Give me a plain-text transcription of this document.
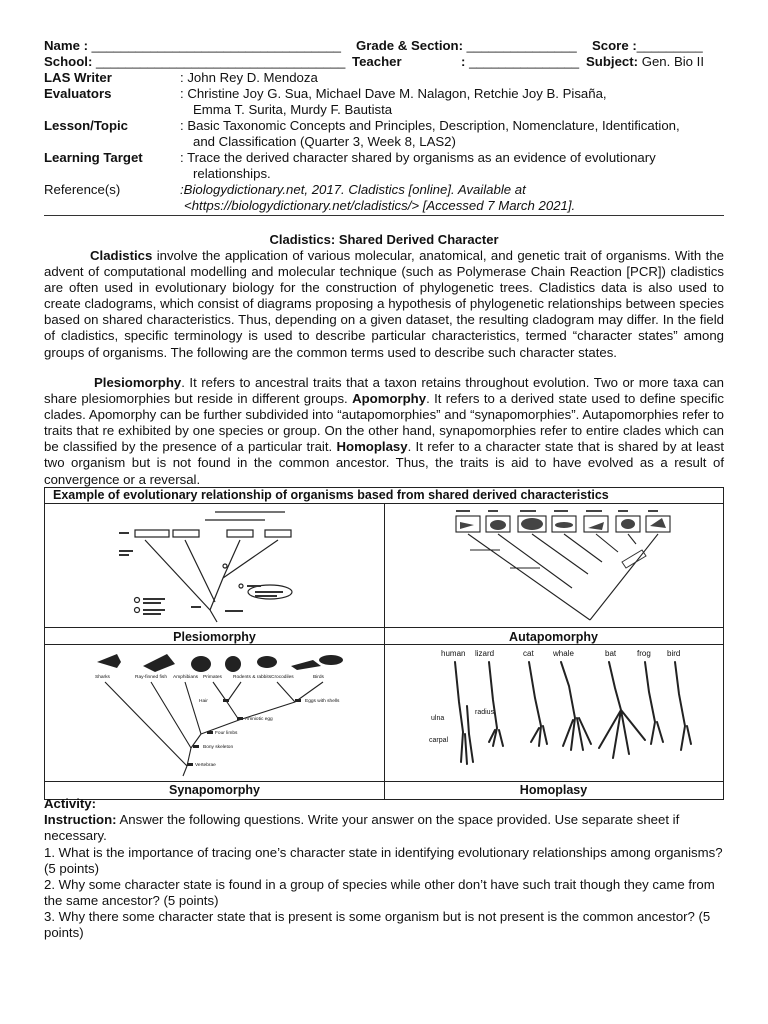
Name : __________________________________ Grade & Section: _______________ Score :_________
School: __________________________________ Teacher	: _______________ Subject: Gen. Bio II
LAS Writer	: John Rey D. Mendoza
Evaluators	: Christine Joy G. Sua, Michael Dave M. Nalagon, Retchie Joy B. Pisaña,
Emma T. Surita, Murdy F. Bautista
Lesson/Topic	: Basic Taxonomic Concepts and Principles, Description, Nomenclature, Identification,
and Classification (Quarter 3, Week 8, LAS2)
Learning Target	: Trace the derived character shared by organisms as an evidence of evolutionary
relationships.
Reference(s)	:Biologydictionary.net, 2017. Cladistics [online]. Available at
<https://biologydictionary.net/cladistics/> [Accessed 7 March 2021].
Cladistics: Shared Derived Character
Cladistics involve the application of various molecular, anatomical, and genetic trait of organisms. With the advent of computational modelling and molecular technique (such as Polymerase Chain Reaction [PCR]) cladistics are often used in evolutionary biology for the construction of phylogenetic trees. Cladistics data is also used to create cladograms, which consist of diagrams proposing a hypothesis of phylogenetic relationships between species based on shared characteristics. Thus, depending on a given dataset, the resulting cladogram may differ. In the field of cladistics, specific terminology is used to describe particular characteristics, termed “character states” among groups of organisms. The following are the common terms used to describe such character states.
Plesiomorphy. It refers to ancestral traits that a taxon retains throughout evolution. Two or more taxa can share plesiomorphies but reside in different groups. Apomorphy. It refers to a derived state used to define specific clades. Apomorphy can be further subdivided into “autapomorphies” and “synapomorphies”. Autapomorphies refer to traits that re exhibited by one species or group. On the other hand, synapomorphies refer to entire clades which can be classified by the presence of a particular trait. Homoplasy. It refer to a character state that is shared by at least two organism but is not found in the common ancestor. Thus, the traits is aid to have evolved as a result of convergence or a reversal.
Example of evolutionary relationship of organisms based from shared derived characteristics
Plesiomorphy	Autapomorphy
Synapomorphy	Homoplasy
Sharks	Ray-finned fish Amphibians Primates Rodents & rabbits Crocodiles	Birds
Hair	Eggs with shells
Amniotic egg
Four limbs
Bony skeleton
Vertebrae
human lizard	cat whale	bat	frog bird
ulna
carpal
radius
Activity:
Instruction: Answer the following questions. Write your answer on the space provided. Use separate sheet if necessary.
1. What is the importance of tracing one’s character state in identifying evolutionary relationships among organisms? (5 points)
2. Why some character state is found in a group of species while other don’t have such trait though they came from the same ancestor? (5 points)
3. Why there some character state that is present is some organism but is not present is the common ancestor? (5 points)
